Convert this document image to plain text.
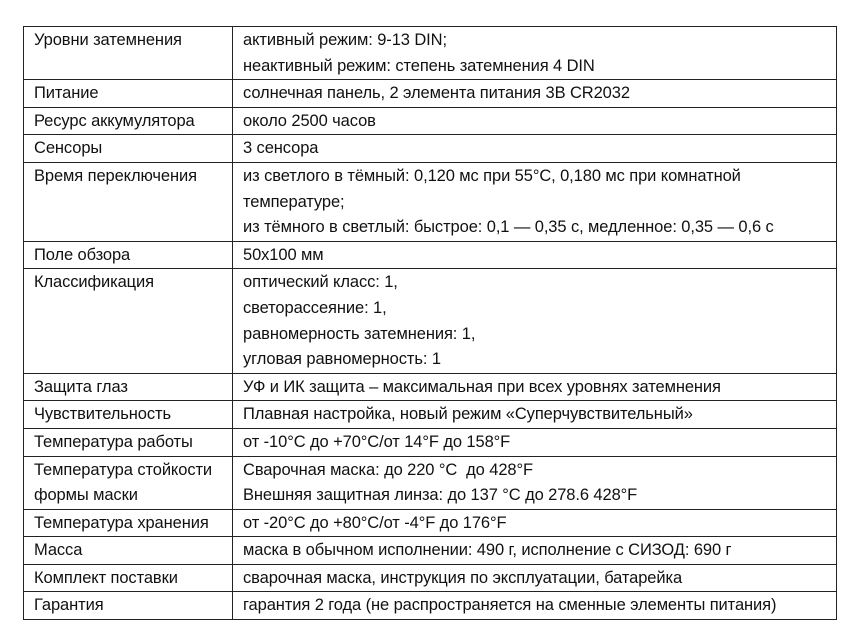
Уровни затемнения	активный режим: 9-13 DIN;
неактивный режим: степень затемнения 4 DIN

Питание	солнечная панель, 2 элемента питания 3В CR2032

Ресурс аккумулятора	около 2500 часов

Сенсоры	3 сенсора

Время переключения	из светлого в тёмный: 0,120 мс при 55°С, 0,180 мс при комнатной
температуре;
из тёмного в светлый: быстрое: 0,1 — 0,35 с, медленное: 0,35 — 0,6 с

Поле обзора	50х100 мм

Классификация	оптический класс: 1,
светорассеяние: 1,
равномерность затемнения: 1,
угловая равномерность: 1

Защита глаз	УФ и ИК защита – максимальная при всех уровнях затемнения

Чувствительность	Плавная настройка, новый режим «Суперчувствительный»

Температура работы	от -10°С до +70°С/от 14°F до 158°F

Температура стойкости
формы маски	Сварочная маска: до 220 °С  до 428°F
Внешняя защитная линза: до 137 °С до 278.6 428°F

Температура хранения	от -20°С до +80°С/от -4°F до 176°F

Масса	маска в обычном исполнении: 490 г, исполнение с СИЗОД: 690 г

Комплект поставки	сварочная маска, инструкция по эксплуатации, батарейка

Гарантия	гарантия 2 года (не распространяется на сменные элементы питания)
